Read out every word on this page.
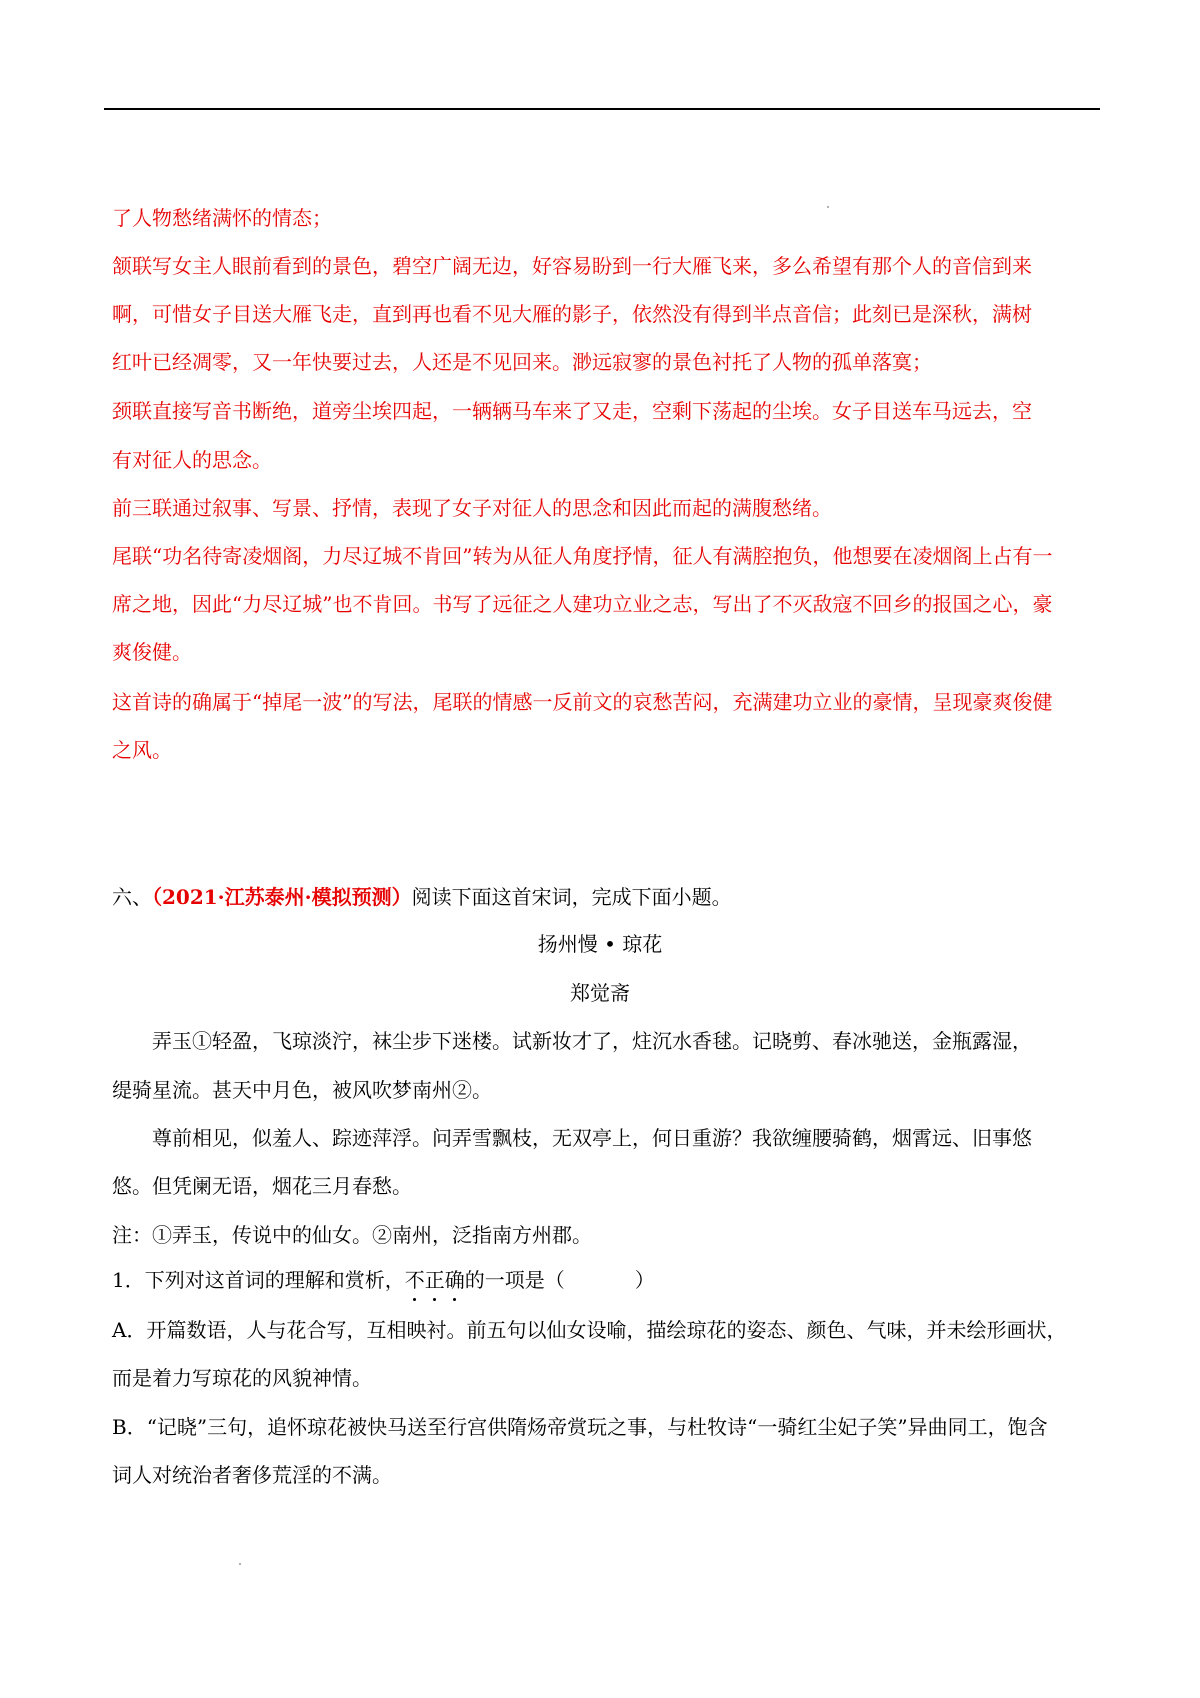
了人物愁绪满怀的情态；

颔联写女主人眼前看到的景色，碧空广阔无边，好容易盼到一行大雁飞来，多么希望有那个人的音信到来

啊，可惜女子目送大雁飞走，直到再也看不见大雁的影子，依然没有得到半点音信；此刻已是深秋，满树

红叶已经凋零，又一年快要过去，人还是不见回来。渺远寂寥的景色衬托了人物的孤单落寞；

颈联直接写音书断绝，道旁尘埃四起，一辆辆马车来了又走，空剩下荡起的尘埃。女子目送车马远去，空

有对征人的思念。

前三联通过叙事、写景、抒情，表现了女子对征人的思念和因此而起的满腹愁绪。

尾联“功名待寄凌烟阁，力尽辽城不肯回”转为从征人角度抒情，征人有满腔抱负，他想要在凌烟阁上占有一

席之地，因此“力尽辽城”也不肯回。书写了远征之人建功立业之志，写出了不灭敌寇不回乡的报国之心，豪

爽俊健。

这首诗的确属于“掉尾一波”的写法，尾联的情感一反前文的哀愁苦闷，充满建功立业的豪情，呈现豪爽俊健

之风。

六、（2021·江苏泰州·模拟预测）阅读下面这首宋词，完成下面小题。

扬州慢 • 琼花

郑觉斋

弄玉①轻盈，飞琼淡泞，袜尘步下迷楼。试新妆才了，炷沉水香毬。记晓剪、春冰驰送，金瓶露湿，

缇骑星流。甚天中月色，被风吹梦南州②。

尊前相见，似羞人、踪迹萍浮。问弄雪飘枝，无双亭上，何日重游？我欲缠腰骑鹤，烟霄远、旧事悠

悠。但凭阑无语，烟花三月春愁。

注：①弄玉，传说中的仙女。②南州，泛指南方州郡。

1．下列对这首词的理解和赏析，不正确的一项是（	）

A．开篇数语，人与花合写，互相映衬。前五句以仙女设喻，描绘琼花的姿态、颜色、气味，并未绘形画状，

而是着力写琼花的风貌神情。

B．“记晓”三句，追怀琼花被快马送至行宫供隋炀帝赏玩之事，与杜牧诗“一骑红尘妃子笑”异曲同工，饱含

词人对统治者奢侈荒淫的不满。
